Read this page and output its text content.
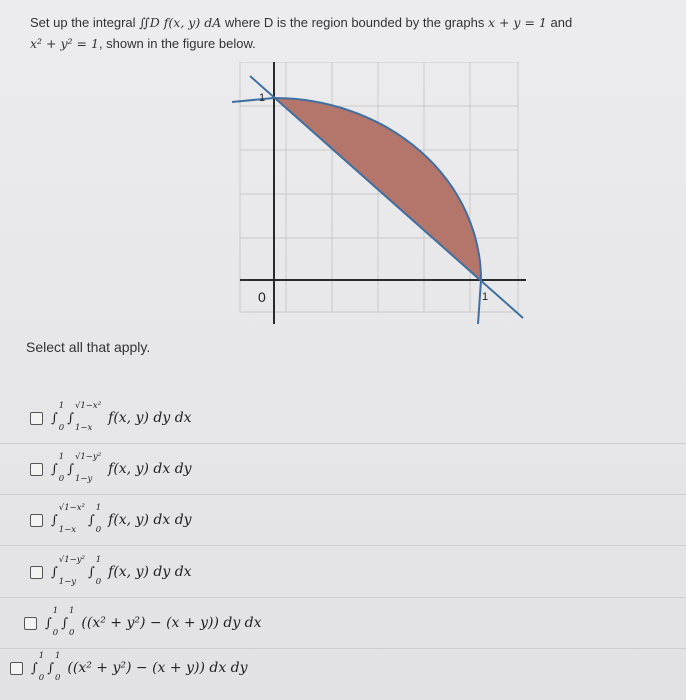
Set up the integral ∬D f(x, y) dA where D is the region bounded by the graphs x + y = 1 and
x² + y² = 1, shown in the figure below.
1
1
0
Select all that apply.
∫
1
0
∫
√1−x²
1−x
f(x, y) dy dx
∫
1
0
∫
√1−y²
1−y
f(x, y) dx dy
∫
√1−x²
1−x
∫
1
0
f(x, y) dx dy
∫
√1−y²
1−y
∫
1
0
f(x, y) dy dx
∫
1
0
∫
1
0
((x² + y²) − (x + y)) dy dx
∫
1
0
∫
1
0
((x² + y²) − (x + y)) dx dy
